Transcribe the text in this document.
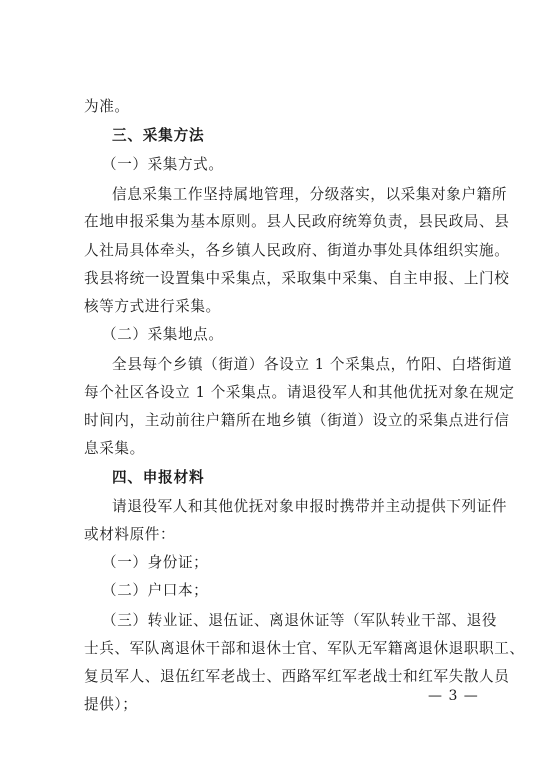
为准。
三、采集方法
（一）采集方式。
信息采集工作坚持属地管理，分级落实，以采集对象户籍所
在地申报采集为基本原则。县人民政府统筹负责，县民政局、县
人社局具体牵头，各乡镇人民政府、街道办事处具体组织实施。
我县将统一设置集中采集点，采取集中采集、自主申报、上门校
核等方式进行采集。
（二）采集地点。
全县每个乡镇（街道）各设立 1 个采集点，竹阳、白塔街道
每个社区各设立 1 个采集点。请退役军人和其他优抚对象在规定
时间内，主动前往户籍所在地乡镇（街道）设立的采集点进行信
息采集。
四、申报材料
请退役军人和其他优抚对象申报时携带并主动提供下列证件
或材料原件：
（一）身份证；
（二）户口本；
（三）转业证、退伍证、离退休证等（军队转业干部、退役
士兵、军队离退休干部和退休士官、军队无军籍离退休退职职工、
复员军人、退伍红军老战士、西路军红军老战士和红军失散人员
提供）；	— 3 —
